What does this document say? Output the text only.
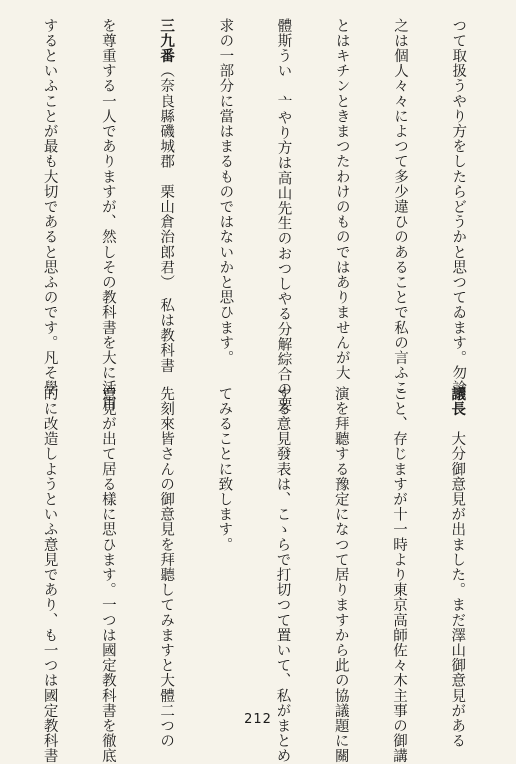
つて取扱うやり方をしたらどうかと思つてゐます。勿論

之は個人々々によつて多少違ひのあることで私の言ふこ

とはキチンときまつたわけのものではありませんが大

體斯うい 亠やり方は高山先生のおつしやる分解綜合の要

求の一部分に當はまるものではないかと思ひます。

三九番（奈良縣磯城郡　栗山倉治郎君）　私は教科書

を尊重する一人でありますが、然しその教科書を大に活用

するといふことが最も大切であると思ふのです。凡そ學

議長　大分御意見が出ました。まだ澤山御意見がある

こと、存じますが十一時より東京高師佐々木主事の御講

演を拜聽する豫定になつて居りますから此の協議題に關

する意見發表は、こゝらで打切つて置いて、私がまとめ

てみることに致します。

先刻來皆さんの御意見を拜聽してみますと大體二つの

意見が出て居る樣に思ひます。一つは國定教科書を徹底

的に改造しようといふ意見であり、も一つは國定教科書

	212
